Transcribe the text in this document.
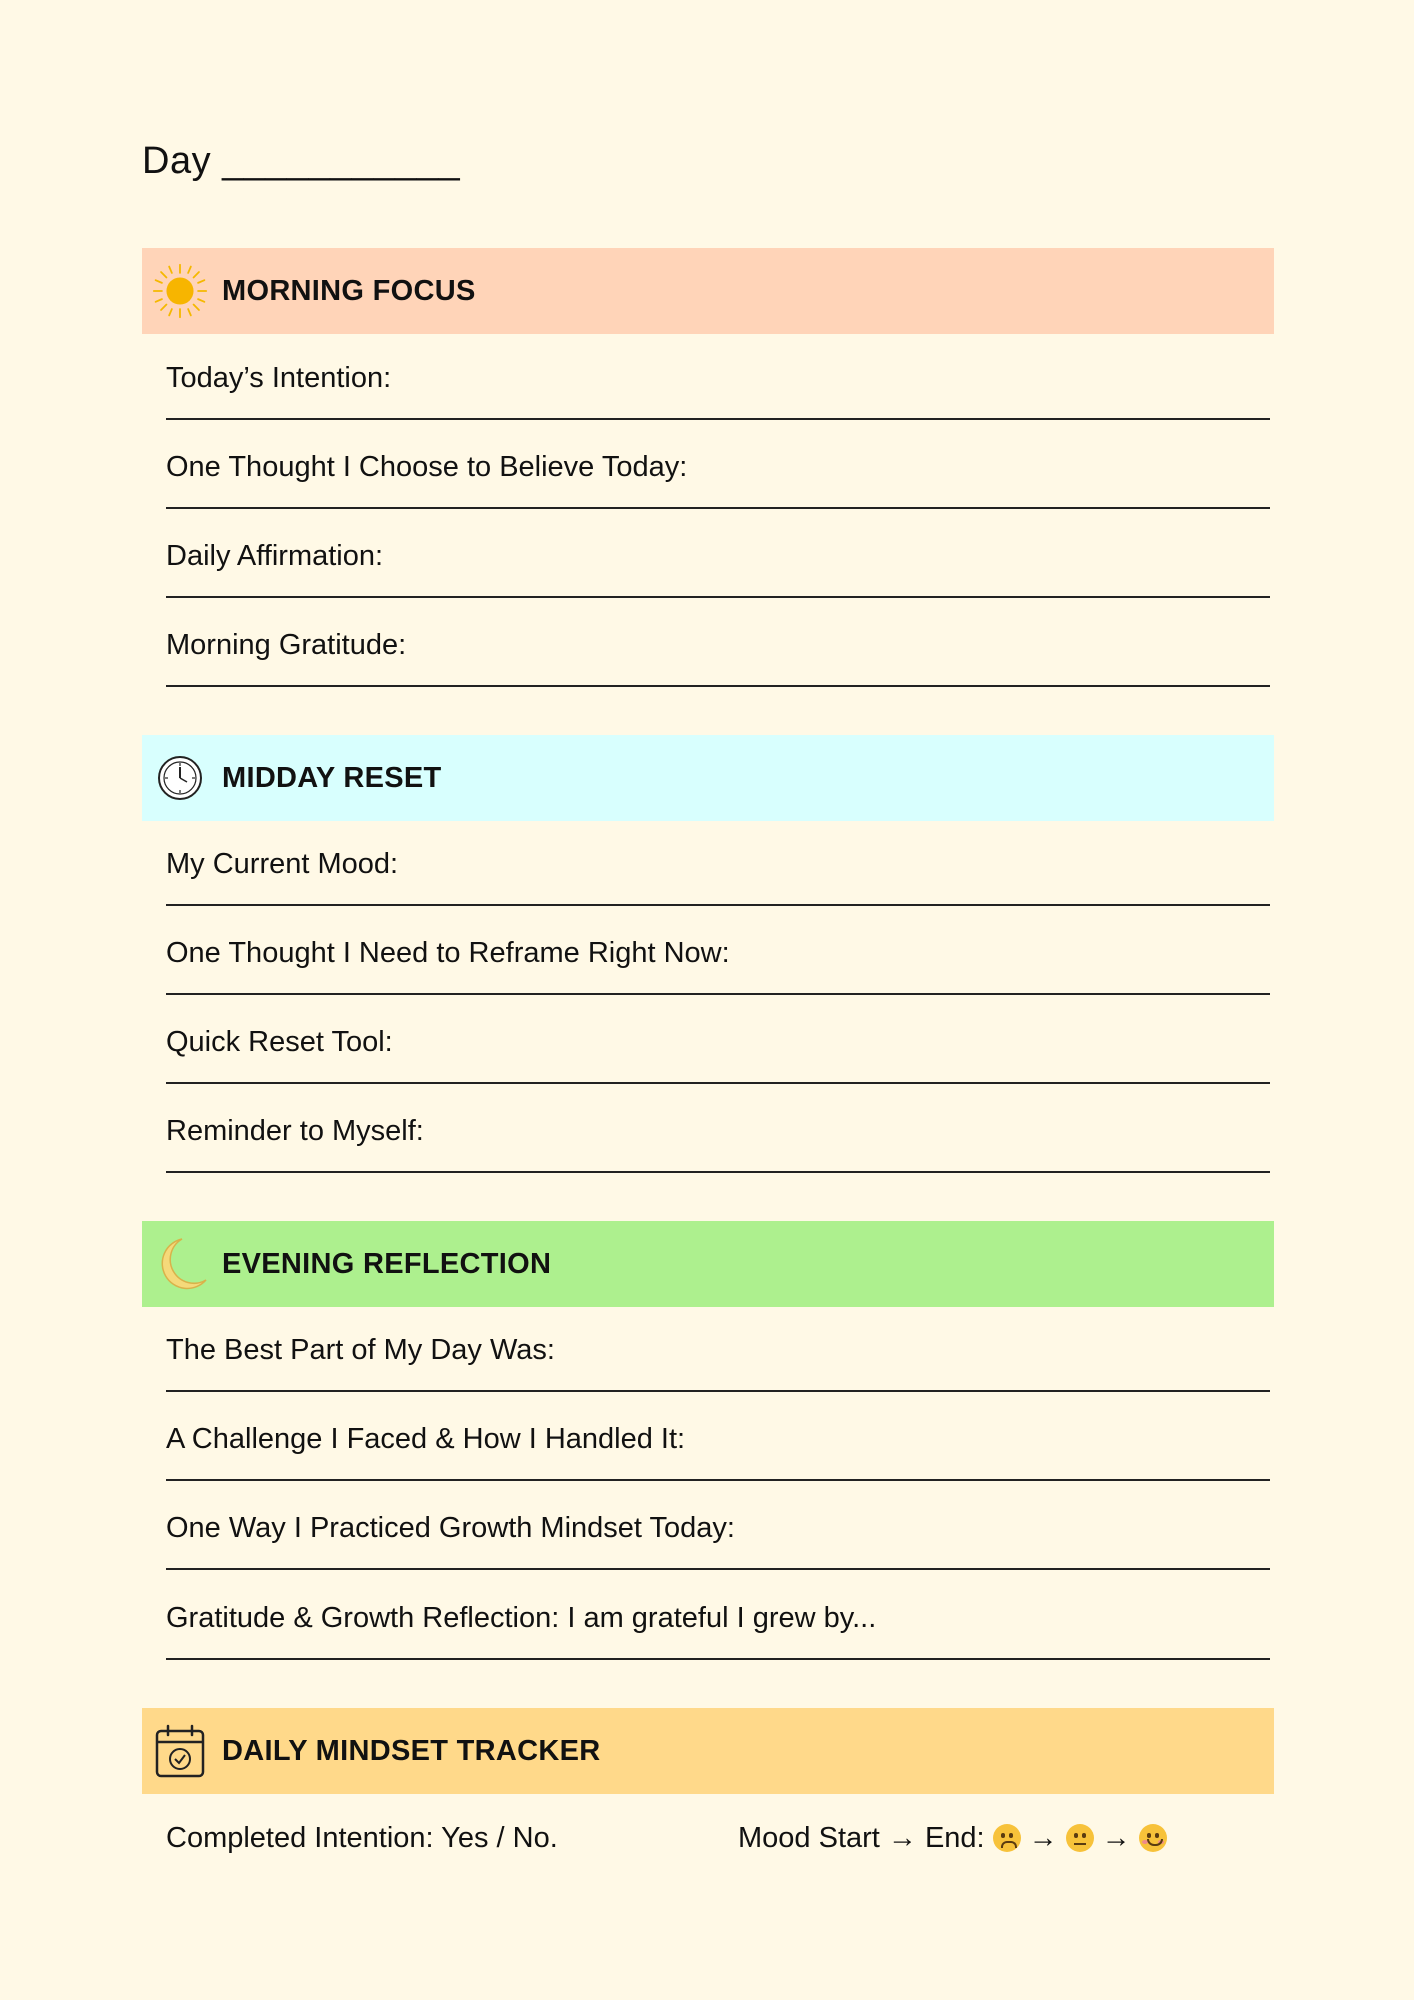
Day ___________
MORNING FOCUS
Today’s Intention:
One Thought I Choose to Believe Today:
Daily Affirmation:
Morning Gratitude:
MIDDAY RESET
My Current Mood:
One Thought I Need to Reframe Right Now:
Quick Reset Tool:
Reminder to Myself:
EVENING REFLECTION
The Best Part of My Day Was:
A Challenge I Faced & How I Handled It:
One Way I Practiced Growth Mindset Today:
Gratitude & Growth Reflection: I am grateful I grew by...
DAILY MINDSET TRACKER
Completed Intention: Yes / No.	Mood Start → End: → →
